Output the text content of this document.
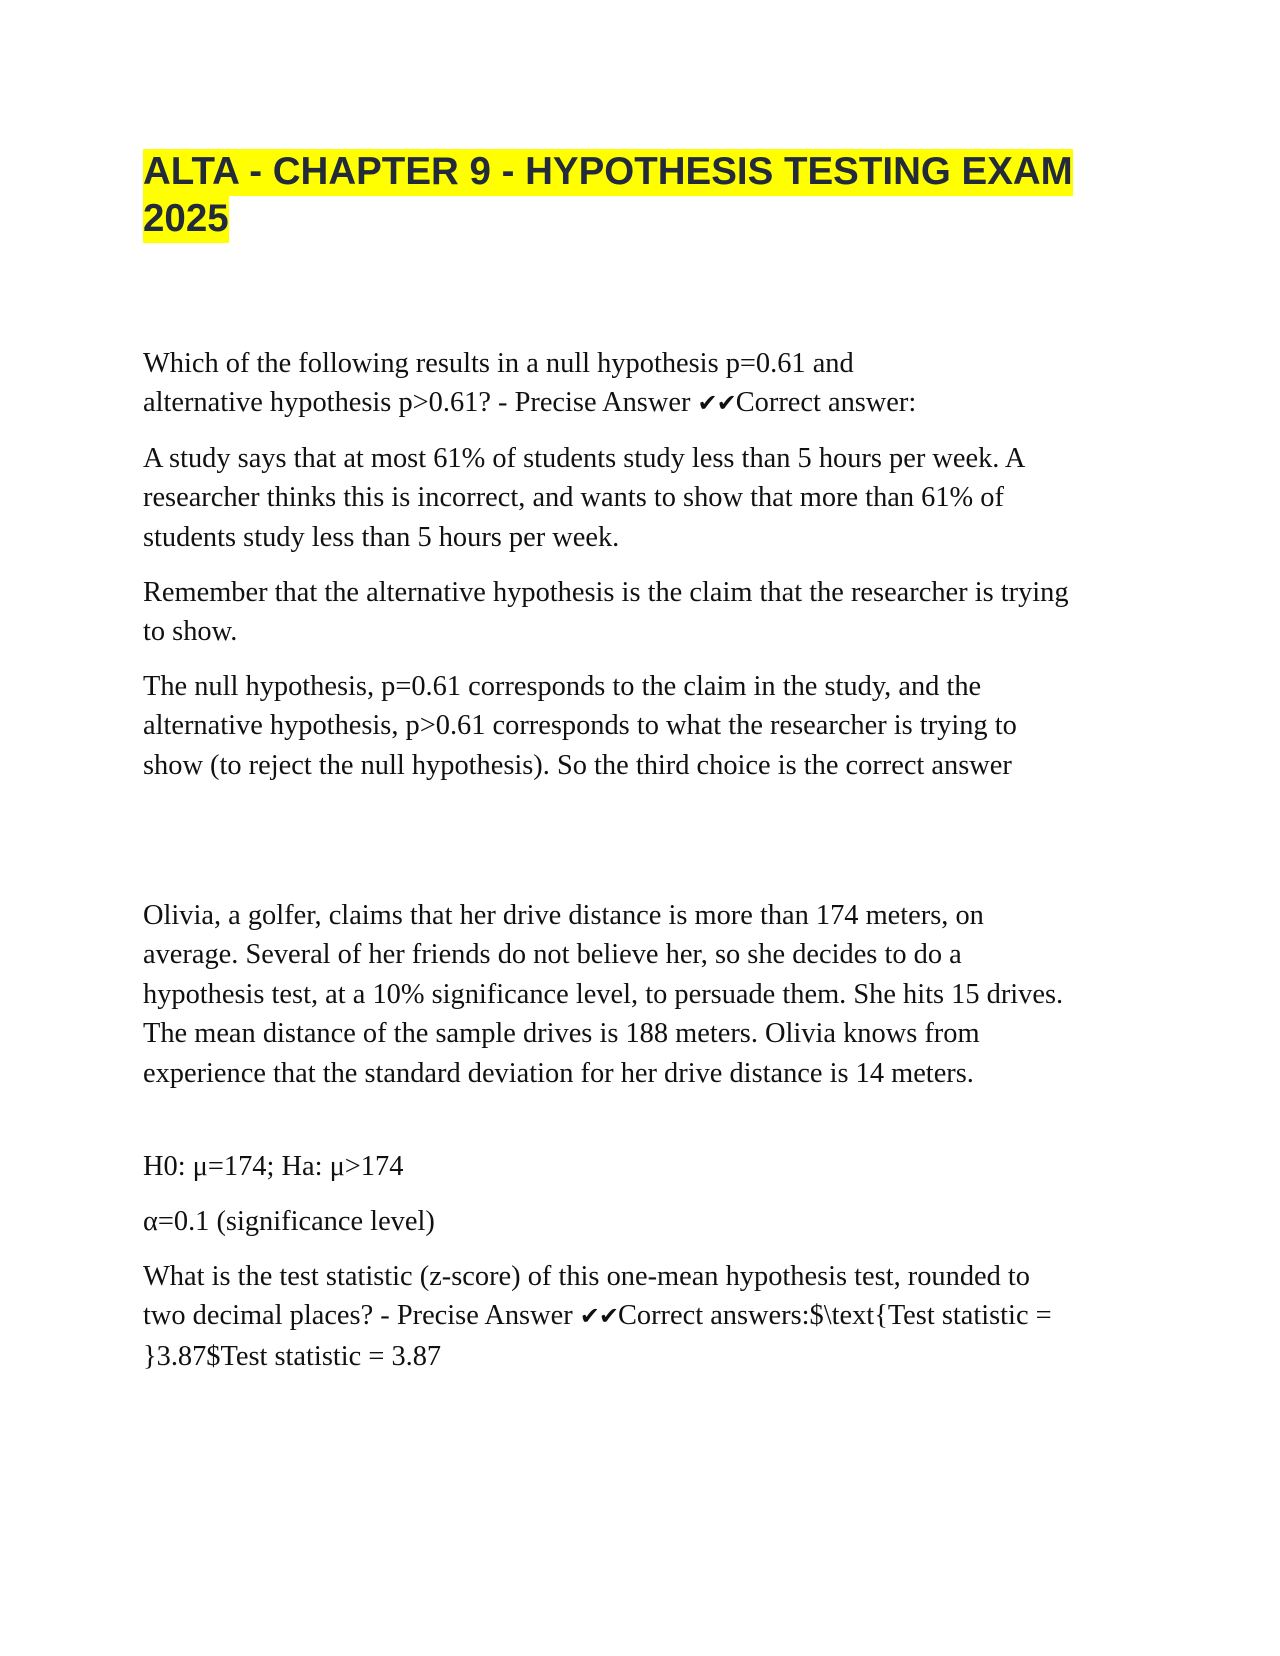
ALTA - CHAPTER 9 - HYPOTHESIS TESTING EXAM 2025

Which of the following results in a null hypothesis p=0.61 and alternative hypothesis p>0.61? - Precise Answer ✔✔Correct answer:

A study says that at most 61% of students study less than 5 hours per week. A researcher thinks this is incorrect, and wants to show that more than 61% of students study less than 5 hours per week.

Remember that the alternative hypothesis is the claim that the researcher is trying to show.

The null hypothesis, p=0.61 corresponds to the claim in the study, and the alternative hypothesis, p>0.61 corresponds to what the researcher is trying to show (to reject the null hypothesis). So the third choice is the correct answer

Olivia, a golfer, claims that her drive distance is more than 174 meters, on average. Several of her friends do not believe her, so she decides to do a hypothesis test, at a 10% significance level, to persuade them. She hits 15 drives. The mean distance of the sample drives is 188 meters. Olivia knows from experience that the standard deviation for her drive distance is 14 meters.

H0: μ=174; Ha: μ>174

α=0.1 (significance level)

What is the test statistic (z-score) of this one-mean hypothesis test, rounded to two decimal places? - Precise Answer ✔✔Correct answers:$\text{Test statistic = }3.87$Test statistic = 3.87
